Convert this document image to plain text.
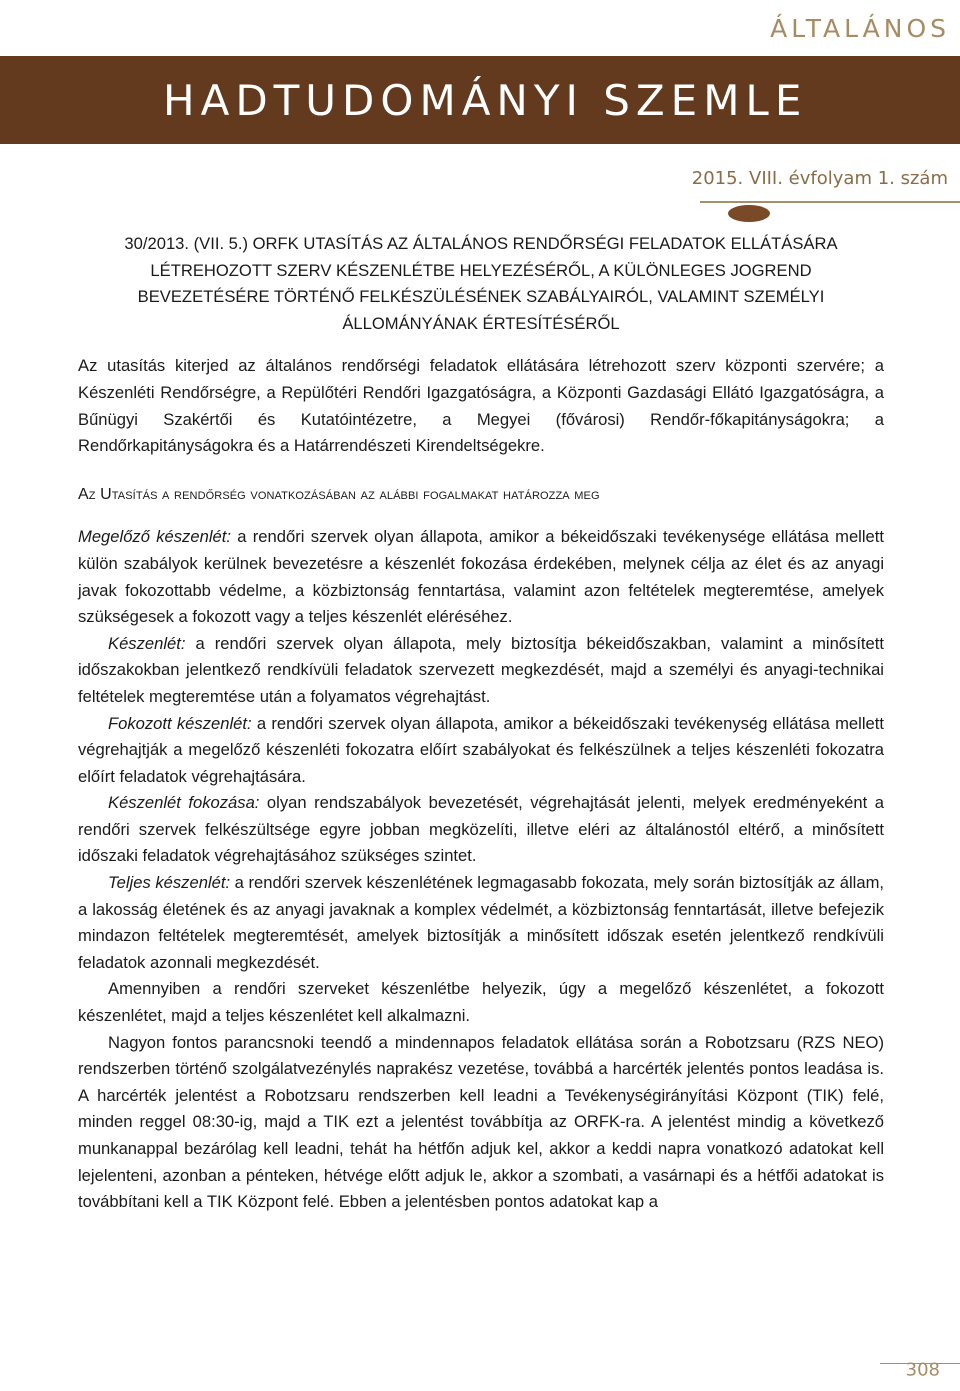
ÁLTALÁNOS
HADTUDOMÁNYI SZEMLE
2015. VIII. évfolyam 1. szám
30/2013. (VII. 5.) ORFK UTASÍTÁS AZ ÁLTALÁNOS RENDŐRSÉGI FELADATOK ELLÁTÁSÁRA LÉTREHOZOTT SZERV KÉSZENLÉTBE HELYEZÉSÉRŐL, A KÜLÖNLEGES JOGREND BEVEZETÉSÉRE TÖRTÉNŐ FELKÉSZÜLÉSÉNEK SZABÁLYAIRÓL, VALAMINT SZEMÉLYI ÁLLOMÁNYÁNAK ÉRTESÍTÉSÉRŐL

Az utasítás kiterjed az általános rendőrségi feladatok ellátására létrehozott szerv központi szervére; a Készenléti Rendőrségre, a Repülőtéri Rendőri Igazgatóságra, a Központi Gazdasági Ellátó Igazgatóságra, a Bűnügyi Szakértői és Kutatóintézetre, a Megyei (fővárosi) Rendőr-főkapitányságokra; a Rendőrkapitányságokra és a Határrendészeti Kirendeltségekre.

Az Utasítás a rendőrség vonatkozásában az alábbi fogalmakat határozza meg

Megelőző készenlét: a rendőri szervek olyan állapota, amikor a békeidőszaki tevékenysége ellátása mellett külön szabályok kerülnek bevezetésre a készenlét fokozása érdekében, melynek célja az élet és az anyagi javak fokozottabb védelme, a közbiztonság fenntartása, valamint azon feltételek megteremtése, amelyek szükségesek a fokozott vagy a teljes készenlét eléréséhez.

Készenlét: a rendőri szervek olyan állapota, mely biztosítja békeidőszakban, valamint a minősített időszakokban jelentkező rendkívüli feladatok szervezett megkezdését, majd a személyi és anyagi-technikai feltételek megteremtése után a folyamatos végrehajtást.

Fokozott készenlét: a rendőri szervek olyan állapota, amikor a békeidőszaki tevékenység ellátása mellett végrehajtják a megelőző készenléti fokozatra előírt szabályokat és felkészülnek a teljes készenléti fokozatra előírt feladatok végrehajtására.

Készenlét fokozása: olyan rendszabályok bevezetését, végrehajtását jelenti, melyek eredményeként a rendőri szervek felkészültsége egyre jobban megközelíti, illetve eléri az általánostól eltérő, a minősített időszaki feladatok végrehajtásához szükséges szintet.

Teljes készenlét: a rendőri szervek készenlétének legmagasabb fokozata, mely során biztosítják az állam, a lakosság életének és az anyagi javaknak a komplex védelmét, a közbiztonság fenntartását, illetve befejezik mindazon feltételek megteremtését, amelyek biztosítják a minősített időszak esetén jelentkező rendkívüli feladatok azonnali megkezdését.

Amennyiben a rendőri szerveket készenlétbe helyezik, úgy a megelőző készenlétet, a fokozott készenlétet, majd a teljes készenlétet kell alkalmazni.

Nagyon fontos parancsnoki teendő a mindennapos feladatok ellátása során a Robotzsaru (RZS NEO) rendszerben történő szolgálatvezénylés naprakész vezetése, továbbá a harcérték jelentés pontos leadása is. A harcérték jelentést a Robotzsaru rendszerben kell leadni a Tevékenységirányítási Központ (TIK) felé, minden reggel 08:30-ig, majd a TIK ezt a jelentést továbbítja az ORFK-ra. A jelentést mindig a következő munkanappal bezárólag kell leadni, tehát ha hétfőn adjuk kel, akkor a keddi napra vonatkozó adatokat kell lejelenteni, azonban a pénteken, hétvége előtt adjuk le, akkor a szombati, a vasárnapi és a hétfői adatokat is továbbítani kell a TIK Központ felé. Ebben a jelentésben pontos adatokat kap a

308
